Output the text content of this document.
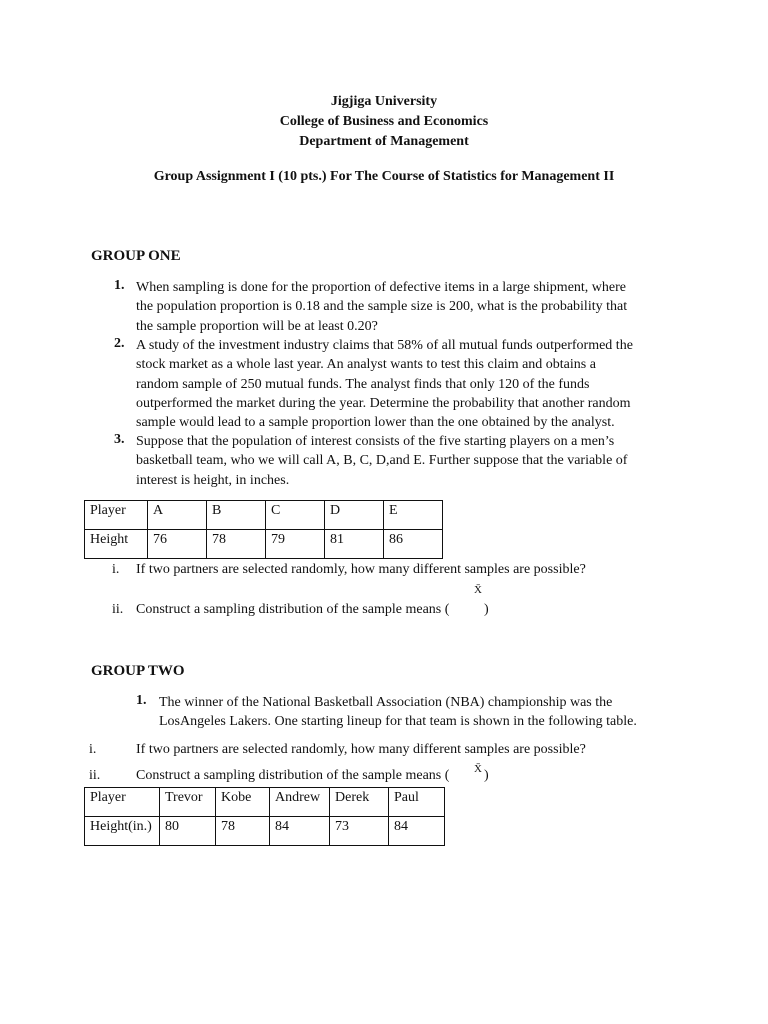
Jigjiga University
College of Business and Economics
Department of Management
Group Assignment I (10 pts.) For The Course of Statistics for Management II
GROUP ONE
1. When sampling is done for the proportion of defective items in a large shipment, where
the population proportion is 0.18 and the sample size is 200, what is the probability that
the sample proportion will be at least 0.20?
2. A study of the investment industry claims that 58% of all mutual funds outperformed the
stock market as a whole last year. An analyst wants to test this claim and obtains a
random sample of 250 mutual funds. The analyst finds that only 120 of the funds
outperformed the market during the year. Determine the probability that another random
sample would lead to a sample proportion lower than the one obtained by the analyst.
3. Suppose that the population of interest consists of the five starting players on a men’s
basketball team, who we will call A, B, C, D,and E. Further suppose that the variable of
interest is height, in inches.
Player	A	B	C	D	E
Height	76	78	79	81	86
i. If two partners are selected randomly, how many different samples are possible?
X̄
ii. Construct a sampling distribution of the sample means ( )
GROUP TWO
1. The winner of the National Basketball Association (NBA) championship was the
LosAngeles Lakers. One starting lineup for that team is shown in the following table.
i.	If two partners are selected randomly, how many different samples are possible?
ii.	Construct a sampling distribution of the sample means ( X̄ )
Player	Trevor	Kobe	Andrew	Derek	Paul
Height(in.)	80	78	84	73	84
